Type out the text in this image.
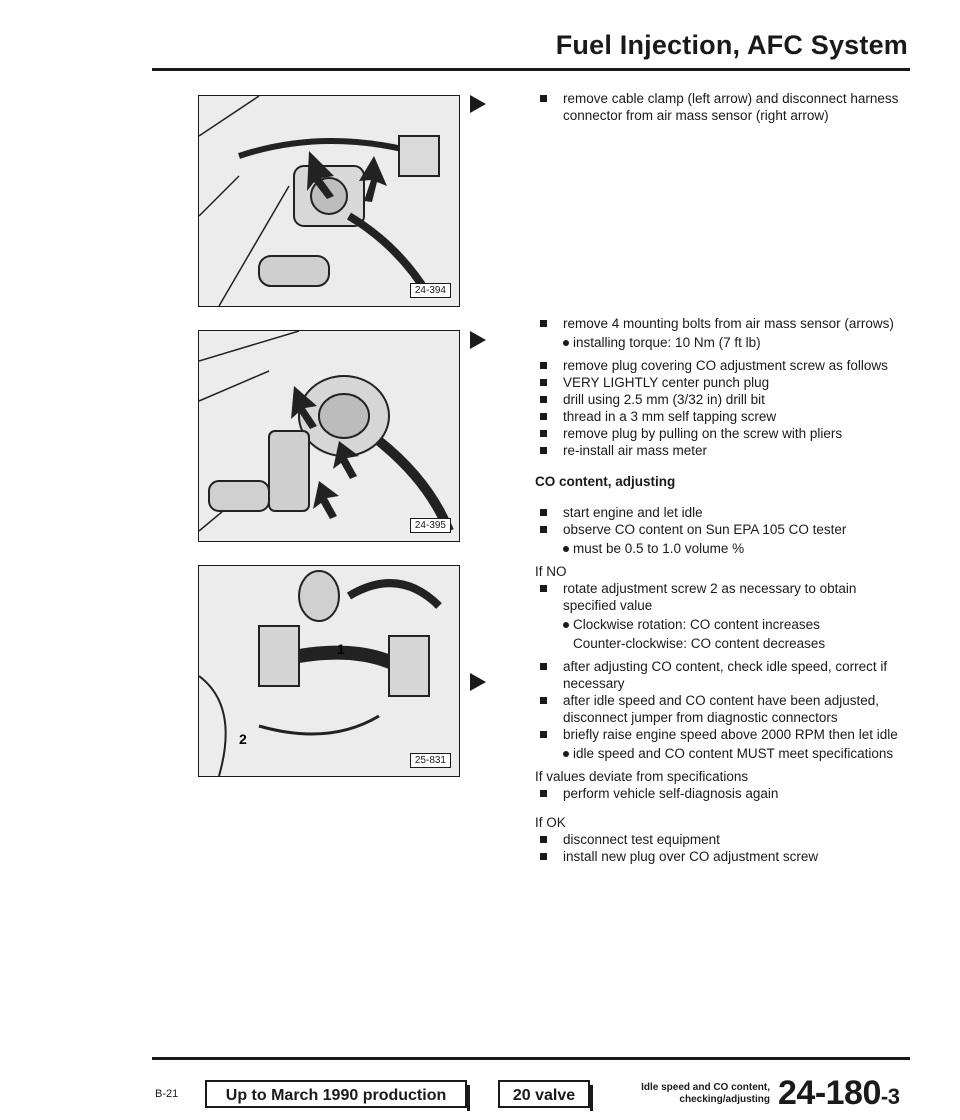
Fuel Injection, AFC System
24-394
24-395
1
2
25-831

remove cable clamp (left arrow) and disconnect harness connector from air mass sensor (right arrow)

remove 4 mounting bolts from air mass sensor (arrows)

installing torque: 10 Nm (7 ft lb)

remove plug covering CO adjustment screw as follows

VERY LIGHTLY center punch plug

drill using 2.5 mm (3/32 in) drill bit

thread in a 3 mm self tapping screw

remove plug by pulling on the screw with pliers

re-install air mass meter

CO content, adjusting

start engine and let idle

observe CO content on Sun EPA 105 CO tester

must be 0.5 to 1.0 volume %

If NO

rotate adjustment screw 2 as necessary to obtain specified value

Clockwise rotation: CO content increases

Counter-clockwise: CO content decreases

after adjusting CO content, check idle speed, correct if necessary

after idle speed and CO content have been adjusted, disconnect jumper from diagnostic connectors

briefly raise engine speed above 2000 RPM then let idle

idle speed and CO content MUST meet specifications

If values deviate from specifications

perform vehicle self-diagnosis again

If OK

disconnect test equipment

install new plug over CO adjustment screw

B-21	Up to March 1990 production	20 valve	Idle speed and CO content, checking/adjusting 24-180-3
